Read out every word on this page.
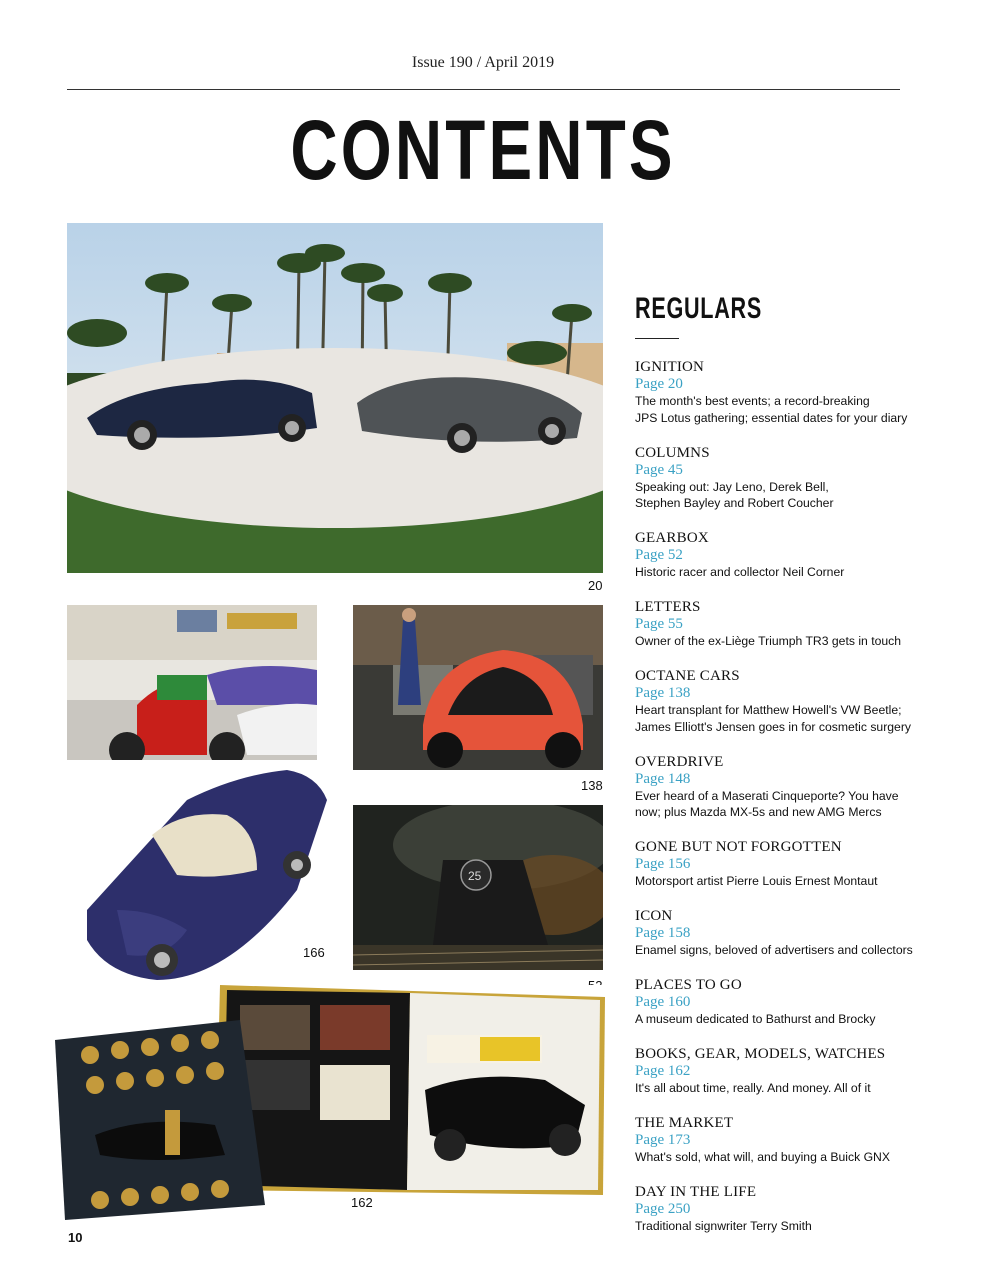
Issue 190 / April 2019
CONTENTS
20
138
166
25
162
10
REGULARS
IGNITION
Page 20
The month's best events; a record-breaking
JPS Lotus gathering; essential dates for your diary
COLUMNS
Page 45
Speaking out: Jay Leno, Derek Bell,
Stephen Bayley and Robert Coucher
GEARBOX
Page 52
Historic racer and collector Neil Corner
LETTERS
Page 55
Owner of the ex-Liège Triumph TR3 gets in touch
OCTANE CARS
Page 138
Heart transplant for Matthew Howell's VW Beetle;
James Elliott's Jensen goes in for cosmetic surgery
OVERDRIVE
Page 148
Ever heard of a Maserati Cinqueporte? You have
now; plus Mazda MX-5s and new AMG Mercs
GONE BUT NOT FORGOTTEN
Page 156
Motorsport artist Pierre Louis Ernest Montaut
ICON
Page 158
Enamel signs, beloved of advertisers and collectors
PLACES TO GO
Page 160
A museum dedicated to Bathurst and Brocky
BOOKS, GEAR, MODELS, WATCHES
Page 162
It's all about time, really. And money. All of it
THE MARKET
Page 173
What's sold, what will, and buying a Buick GNX
DAY IN THE LIFE
Page 250
Traditional signwriter Terry Smith
